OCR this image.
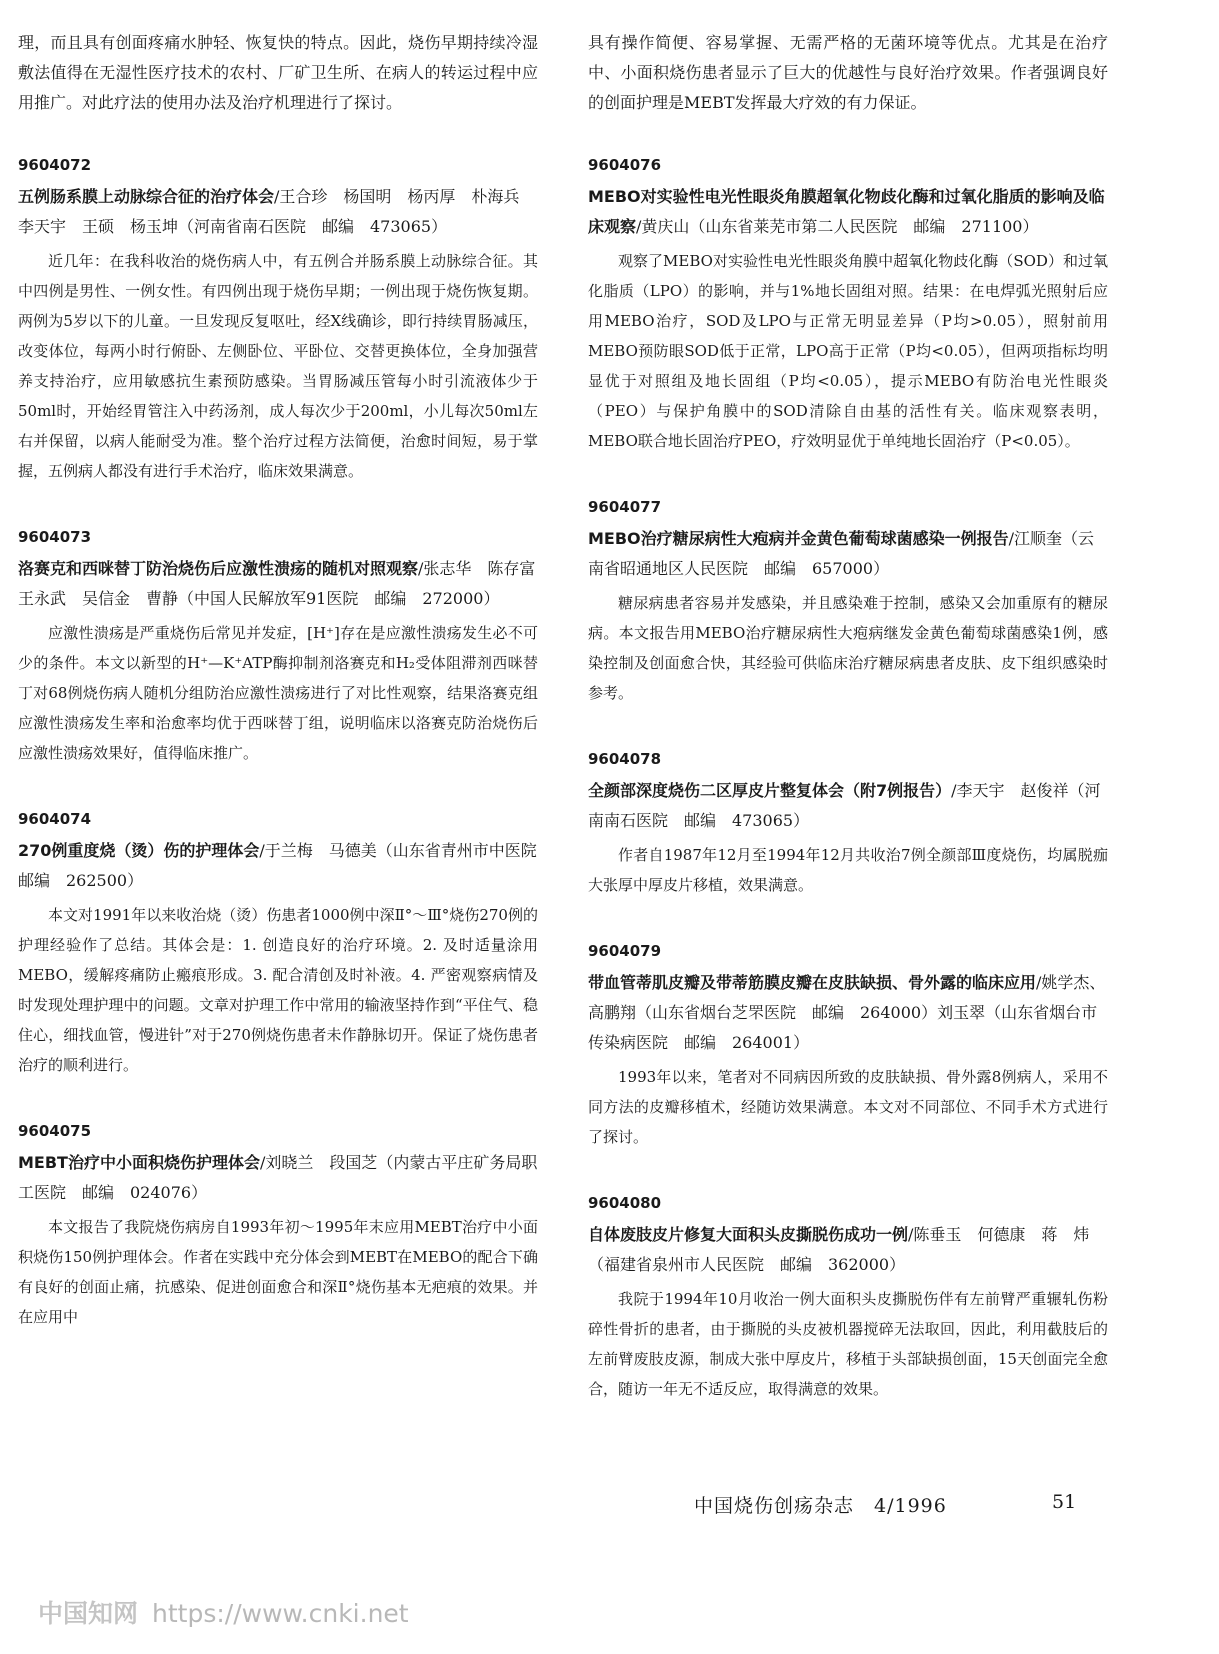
理，而且具有创面疼痛水肿轻、恢复快的特点。因此，烧伤早期持续冷湿敷法值得在无湿性医疗技术的农村、厂矿卫生所、在病人的转运过程中应用推广。对此疗法的使用办法及治疗机理进行了探讨。

9604072

五例肠系膜上动脉综合征的治疗体会/王合珍　杨国明　杨丙厚　朴海兵　李天宇　王硕　杨玉坤（河南省南石医院　邮编　473065）

近几年：在我科收治的烧伤病人中，有五例合并肠系膜上动脉综合征。其中四例是男性、一例女性。有四例出现于烧伤早期；一例出现于烧伤恢复期。两例为5岁以下的儿童。一旦发现反复呕吐，经X线确诊，即行持续胃肠减压，改变体位，每两小时行俯卧、左侧卧位、平卧位、交替更换体位，全身加强营养支持治疗，应用敏感抗生素预防感染。当胃肠减压管每小时引流液体少于50ml时，开始经胃管注入中药汤剂，成人每次少于200ml，小儿每次50ml左右并保留，以病人能耐受为准。整个治疗过程方法简便，治愈时间短，易于掌握，五例病人都没有进行手术治疗，临床效果满意。

9604073

洛赛克和西咪替丁防治烧伤后应激性溃疡的随机对照观察/张志华　陈存富　王永武　吴信金　曹静（中国人民解放军91医院　邮编　272000）

应激性溃疡是严重烧伤后常见并发症，[H⁺]存在是应激性溃疡发生必不可少的条件。本文以新型的H⁺—K⁺ATP酶抑制剂洛赛克和H₂受体阻滞剂西咪替丁对68例烧伤病人随机分组防治应激性溃疡进行了对比性观察，结果洛赛克组应激性溃疡发生率和治愈率均优于西咪替丁组，说明临床以洛赛克防治烧伤后应激性溃疡效果好，值得临床推广。

9604074

270例重度烧（烫）伤的护理体会/于兰梅　马德美（山东省青州市中医院　邮编　262500）

本文对1991年以来收治烧（烫）伤患者1000例中深Ⅱ°～Ⅲ°烧伤270例的护理经验作了总结。其体会是：1. 创造良好的治疗环境。2. 及时适量涂用MEBO，缓解疼痛防止瘢痕形成。3. 配合清创及时补液。4. 严密观察病情及时发现处理护理中的问题。文章对护理工作中常用的输液坚持作到“平住气、稳住心，细找血管，慢进针”对于270例烧伤患者未作静脉切开。保证了烧伤患者治疗的顺利进行。

9604075

MEBT治疗中小面积烧伤护理体会/刘晓兰　段国芝（内蒙古平庄矿务局职工医院　邮编　024076）

本文报告了我院烧伤病房自1993年初～1995年末应用MEBT治疗中小面积烧伤150例护理体会。作者在实践中充分体会到MEBT在MEBO的配合下确有良好的创面止痛，抗感染、促进创面愈合和深Ⅱ°烧伤基本无疤痕的效果。并在应用中

具有操作简便、容易掌握、无需严格的无菌环境等优点。尤其是在治疗中、小面积烧伤患者显示了巨大的优越性与良好治疗效果。作者强调良好的创面护理是MEBT发挥最大疗效的有力保证。

9604076

MEBO对实验性电光性眼炎角膜超氧化物歧化酶和过氧化脂质的影响及临床观察/黄庆山（山东省莱芜市第二人民医院　邮编　271100）

观察了MEBO对实验性电光性眼炎角膜中超氧化物歧化酶（SOD）和过氧化脂质（LPO）的影响，并与1%地长固组对照。结果：在电焊弧光照射后应用MEBO治疗，SOD及LPO与正常无明显差异（P均>0.05），照射前用MEBO预防眼SOD低于正常，LPO高于正常（P均<0.05），但两项指标均明显优于对照组及地长固组（P均<0.05），提示MEBO有防治电光性眼炎（PEO）与保护角膜中的SOD清除自由基的活性有关。临床观察表明，MEBO联合地长固治疗PEO，疗效明显优于单纯地长固治疗（P<0.05）。

9604077

MEBO治疗糖尿病性大疱病并金黄色葡萄球菌感染一例报告/江顺奎（云南省昭通地区人民医院　邮编　657000）

糖尿病患者容易并发感染，并且感染难于控制，感染又会加重原有的糖尿病。本文报告用MEBO治疗糖尿病性大疱病继发金黄色葡萄球菌感染1例，感染控制及创面愈合快，其经验可供临床治疗糖尿病患者皮肤、皮下组织感染时参考。

9604078

全颜部深度烧伤二区厚皮片整复体会（附7例报告）/李天宇　赵俊祥（河南南石医院　邮编　473065）

作者自1987年12月至1994年12月共收治7例全颜部Ⅲ度烧伤，均属脱痂大张厚中厚皮片移植，效果满意。

9604079

带血管蒂肌皮瓣及带蒂筋膜皮瓣在皮肤缺损、骨外露的临床应用/姚学杰、高鹏翔（山东省烟台芝罘医院　邮编　264000）刘玉翠（山东省烟台市传染病医院　邮编　264001）

1993年以来，笔者对不同病因所致的皮肤缺损、骨外露8例病人，采用不同方法的皮瓣移植术，经随访效果满意。本文对不同部位、不同手术方式进行了探讨。

9604080

自体废肢皮片修复大面积头皮撕脱伤成功一例/陈垂玉　何德康　蒋　炜（福建省泉州市人民医院　邮编　362000）

我院于1994年10月收治一例大面积头皮撕脱伤伴有左前臂严重辗轧伤粉碎性骨折的患者，由于撕脱的头皮被机器搅碎无法取回，因此，利用截肢后的左前臂废肢皮源，制成大张中厚皮片，移植于头部缺损创面，15天创面完全愈合，随访一年无不适反应，取得满意的效果。

中国烧伤创疡杂志　4/1996	51
中国知网 https://www.cnki.net
